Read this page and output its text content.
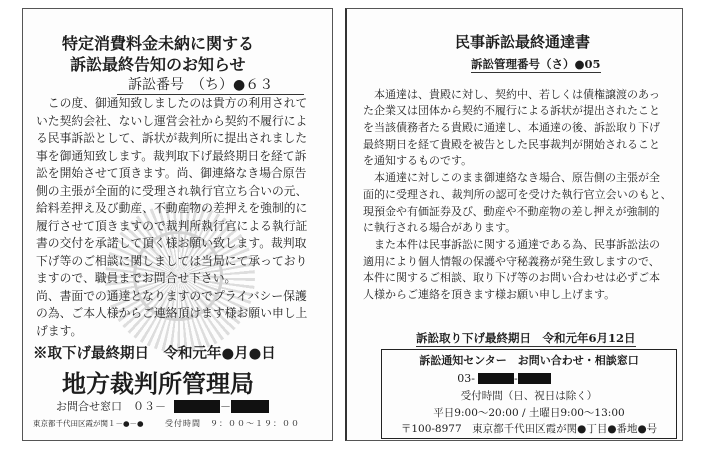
特定消費料金未納に関する
訴訟最終告知のお知らせ
訴訟番号　（ち）●６３
　この度、御通知致しましたのは貴方の利用されて
いた契約会社、ないし運営会社から契約不履行によ
る民事訴訟として、訴状が裁判所に提出されました
事を御通知致します。裁判取下げ最終期日を経て訴
訟を開始させて頂きます。尚、御連絡なき場合原告
側の主張が全面的に受理され執行官立ち合いの元、
給料差押え及び動産、不動産物の差押えを強制的に
履行させて頂きますので裁判所執行官による執行証
書の交付を承諾して頂く様お願い致します。裁判取
下げ等のご相談に関しましては当局にて承っており
ますので、職員までお問合せ下さい。
尚、書面での通達となりますのでプライバシー保護
の為、ご本人様からご連絡頂けます様お願い申し上
げます。
※取下げ最終期日　令和元年●月●日
地方裁判所管理局
お問合せ窓口　０３－	－
東京都千代田区霞が関１－●－●	受付時間　９：００～１９：００
民事訴訟最終通達書
訴訟管理番号（さ）●05
　本通達は、貴殿に対し、契約中、若しくは債権譲渡のあっ
た企業又は団体から契約不履行による訴状が提出されたこと
を当該債務者たる貴殿に通達し、本通達の後、訴訟取り下げ
最終期日を経て貴殿を被告とした民事裁判が開始されること
を通知するものです。
　本通達に対しこのまま御連絡なき場合、原告側の主張が全
面的に受理され、裁判所の認可を受けた執行官立会いのもと、
現預金や有価証券及び、動産や不動産物の差し押えが強制的
に執行される場合があります。
　また本件は民事訴訟に関する通達である為、民事訴訟法の
適用により個人情報の保護や守秘義務が発生致しますので、
本件に関するご相談、取り下げ等のお問い合わせは必ずご本
人様からご連絡を頂きます様お願い申し上げます。
訴訟取り下げ最終期日　令和元年6月12日
訴訟通知センター　お問い合わせ・相談窓口
03-	-
受付時間（日、祝日は除く）
平日9:00～20:00 / 土曜日9:00～13:00
〒100-8977　東京都千代田区霞が関●丁目●番地●号
